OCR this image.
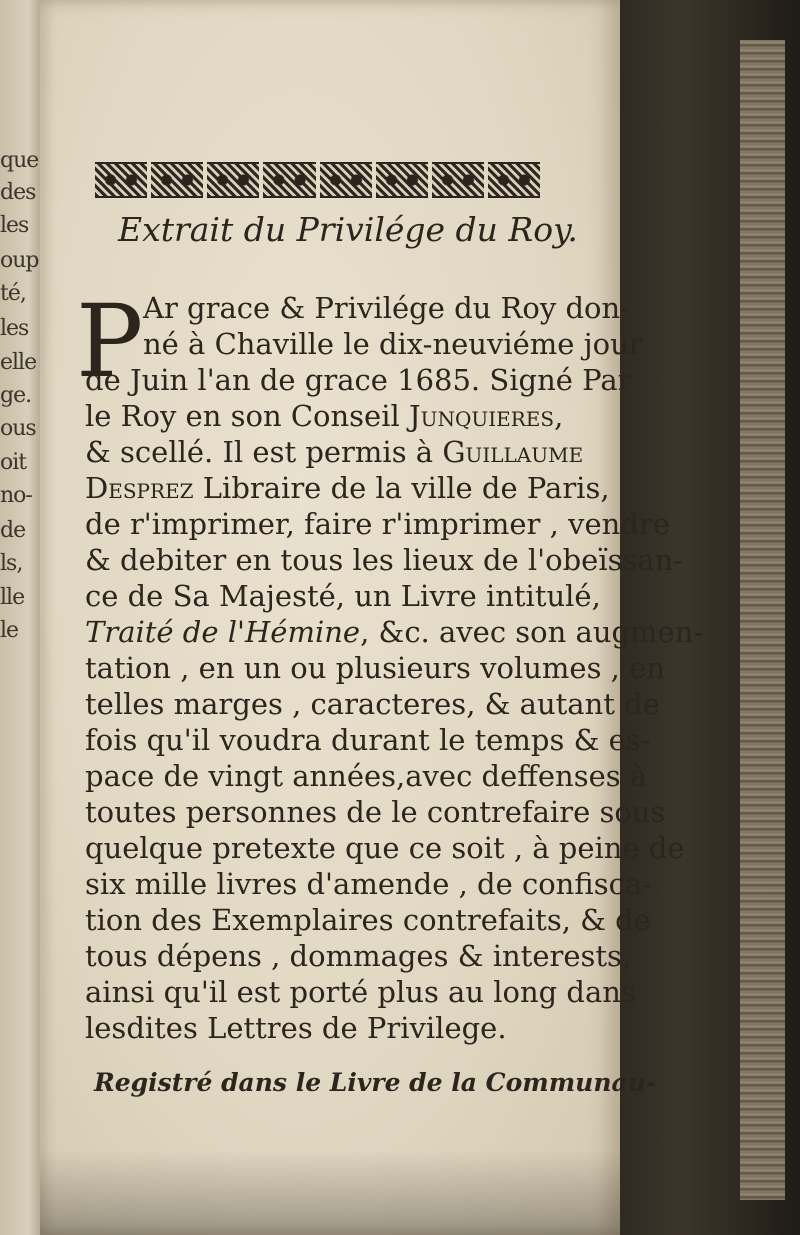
que
des
les
oup
té,
les
elle
ge.
ous
oit
no-
de
ls,
lle
le
Extrait du Privilége du Roy.
P Ar grace & Privilége du Roy don-
né à Chaville le dix-neuviéme jour
de Juin l'an de grace 1685. Signé Par
le Roy en son Conseil Junquieres,
& scellé. Il est permis à Guillaume
Desprez Libraire de la ville de Paris,
de r'imprimer, faire r'imprimer , vendre
& debiter en tous les lieux de l'obeïssan-
ce de Sa Majesté, un Livre intitulé,
Traité de l'Hémine, &c. avec son augmen-
tation , en un ou plusieurs volumes , en
telles marges , caracteres, & autant de
fois qu'il voudra durant le temps & es-
pace de vingt années,avec deffenses à
toutes personnes de le contrefaire sous
quelque pretexte que ce soit , à peine de
six mille livres d'amende , de confisca-
tion des Exemplaires contrefaits, & de
tous dépens , dommages & interests,
ainsi qu'il est porté plus au long dans
lesdites Lettres de Privilege.
Registré dans le Livre de la Communau-
